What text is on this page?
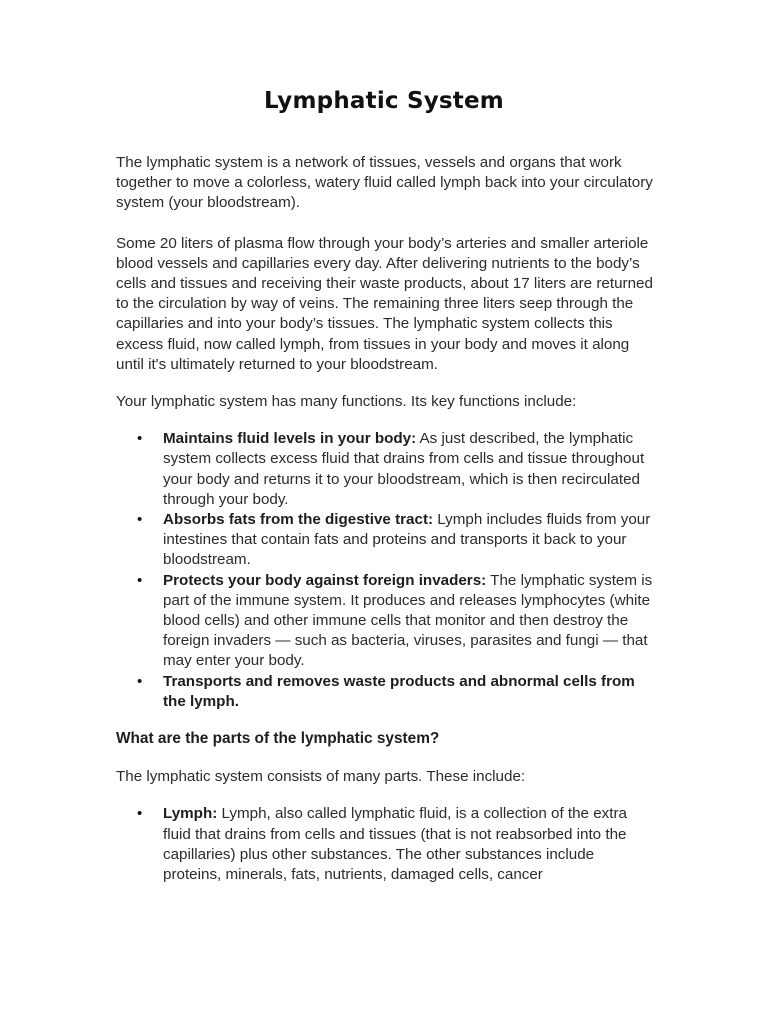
Lymphatic System

The lymphatic system is a network of tissues, vessels and organs that work together to move a colorless, watery fluid called lymph back into your circulatory system (your bloodstream).

Some 20 liters of plasma flow through your body’s arteries and smaller arteriole blood vessels and capillaries every day. After delivering nutrients to the body’s cells and tissues and receiving their waste products, about 17 liters are returned to the circulation by way of veins. The remaining three liters seep through the capillaries and into your body’s tissues. The lymphatic system collects this excess fluid, now called lymph, from tissues in your body and moves it along until it's ultimately returned to your bloodstream.

Your lymphatic system has many functions. Its key functions include:

• Maintains fluid levels in your body: As just described, the lymphatic system collects excess fluid that drains from cells and tissue throughout your body and returns it to your bloodstream, which is then recirculated through your body.
• Absorbs fats from the digestive tract: Lymph includes fluids from your intestines that contain fats and proteins and transports it back to your bloodstream.
• Protects your body against foreign invaders: The lymphatic system is part of the immune system. It produces and releases lymphocytes (white blood cells) and other immune cells that monitor and then destroy the foreign invaders — such as bacteria, viruses, parasites and fungi — that may enter your body.
• Transports and removes waste products and abnormal cells from the lymph.

What are the parts of the lymphatic system?

The lymphatic system consists of many parts. These include:

• Lymph: Lymph, also called lymphatic fluid, is a collection of the extra fluid that drains from cells and tissues (that is not reabsorbed into the capillaries) plus other substances. The other substances include proteins, minerals, fats, nutrients, damaged cells, cancer
